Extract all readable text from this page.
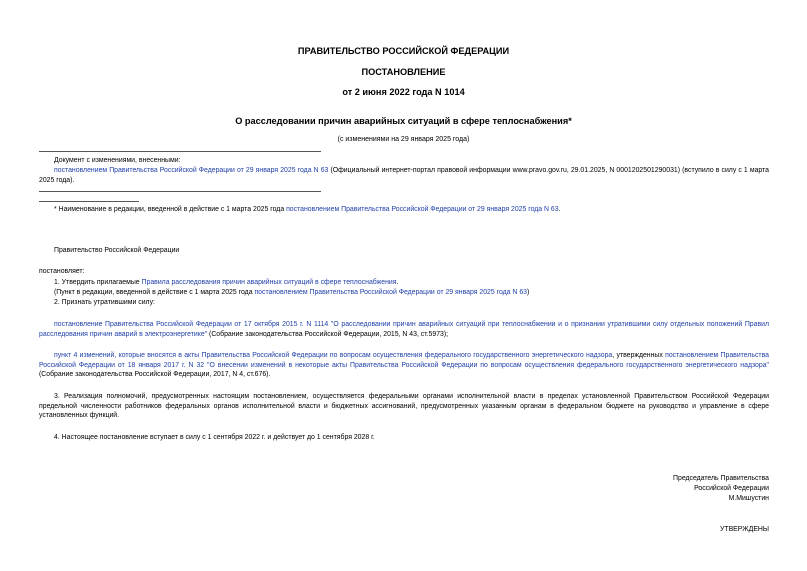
ПРАВИТЕЛЬСТВО РОССИЙСКОЙ ФЕДЕРАЦИИ
ПОСТАНОВЛЕНИЕ
от 2 июня 2022 года N 1014
О расследовании причин аварийных ситуаций в сфере теплоснабжения*
(с изменениями на 29 января 2025 года)
Документ с изменениями, внесенными:
постановлением Правительства Российской Федерации от 29 января 2025 года N 63 (Официальный интернет-портал правовой информации www.pravo.gov.ru, 29.01.2025, N 0001202501290031) (вступило в силу с 1 марта 2025 года).
* Наименование в редакции, введенной в действие с 1 марта 2025 года постановлением Правительства Российской Федерации от 29 января 2025 года N 63.
Правительство Российской Федерации
постановляет:
1. Утвердить прилагаемые Правила расследования причин аварийных ситуаций в сфере теплоснабжения.
(Пункт в редакции, введенной в действие с 1 марта 2025 года постановлением Правительства Российской Федерации от 29 января 2025 года N 63)
2. Признать утратившими силу:
постановление Правительства Российской Федерации от 17 октября 2015 г. N 1114 "О расследовании причин аварийных ситуаций при теплоснабжении и о признании утратившими силу отдельных положений Правил расследования причин аварий в электроэнергетике" (Собрание законодательства Российской Федерации, 2015, N 43, ст.5973);
пункт 4 изменений, которые вносятся в акты Правительства Российской Федерации по вопросам осуществления федерального государственного энергетического надзора, утвержденных постановлением Правительства Российской Федерации от 18 января 2017 г. N 32 "О внесении изменений в некоторые акты Правительства Российской Федерации по вопросам осуществления федерального государственного энергетического надзора" (Собрание законодательства Российской Федерации, 2017, N 4, ст.676).
3. Реализация полномочий, предусмотренных настоящим постановлением, осуществляется федеральными органами исполнительной власти в пределах установленной Правительством Российской Федерации предельной численности работников федеральных органов исполнительной власти и бюджетных ассигнований, предусмотренных указанным органам в федеральном бюджете на руководство и управление в сфере установленных функций.
4. Настоящее постановление вступает в силу с 1 сентября 2022 г. и действует до 1 сентября 2028 г.
Председатель Правительства
Российской Федерации
М.Мишустин
УТВЕРЖДЕНЫ
